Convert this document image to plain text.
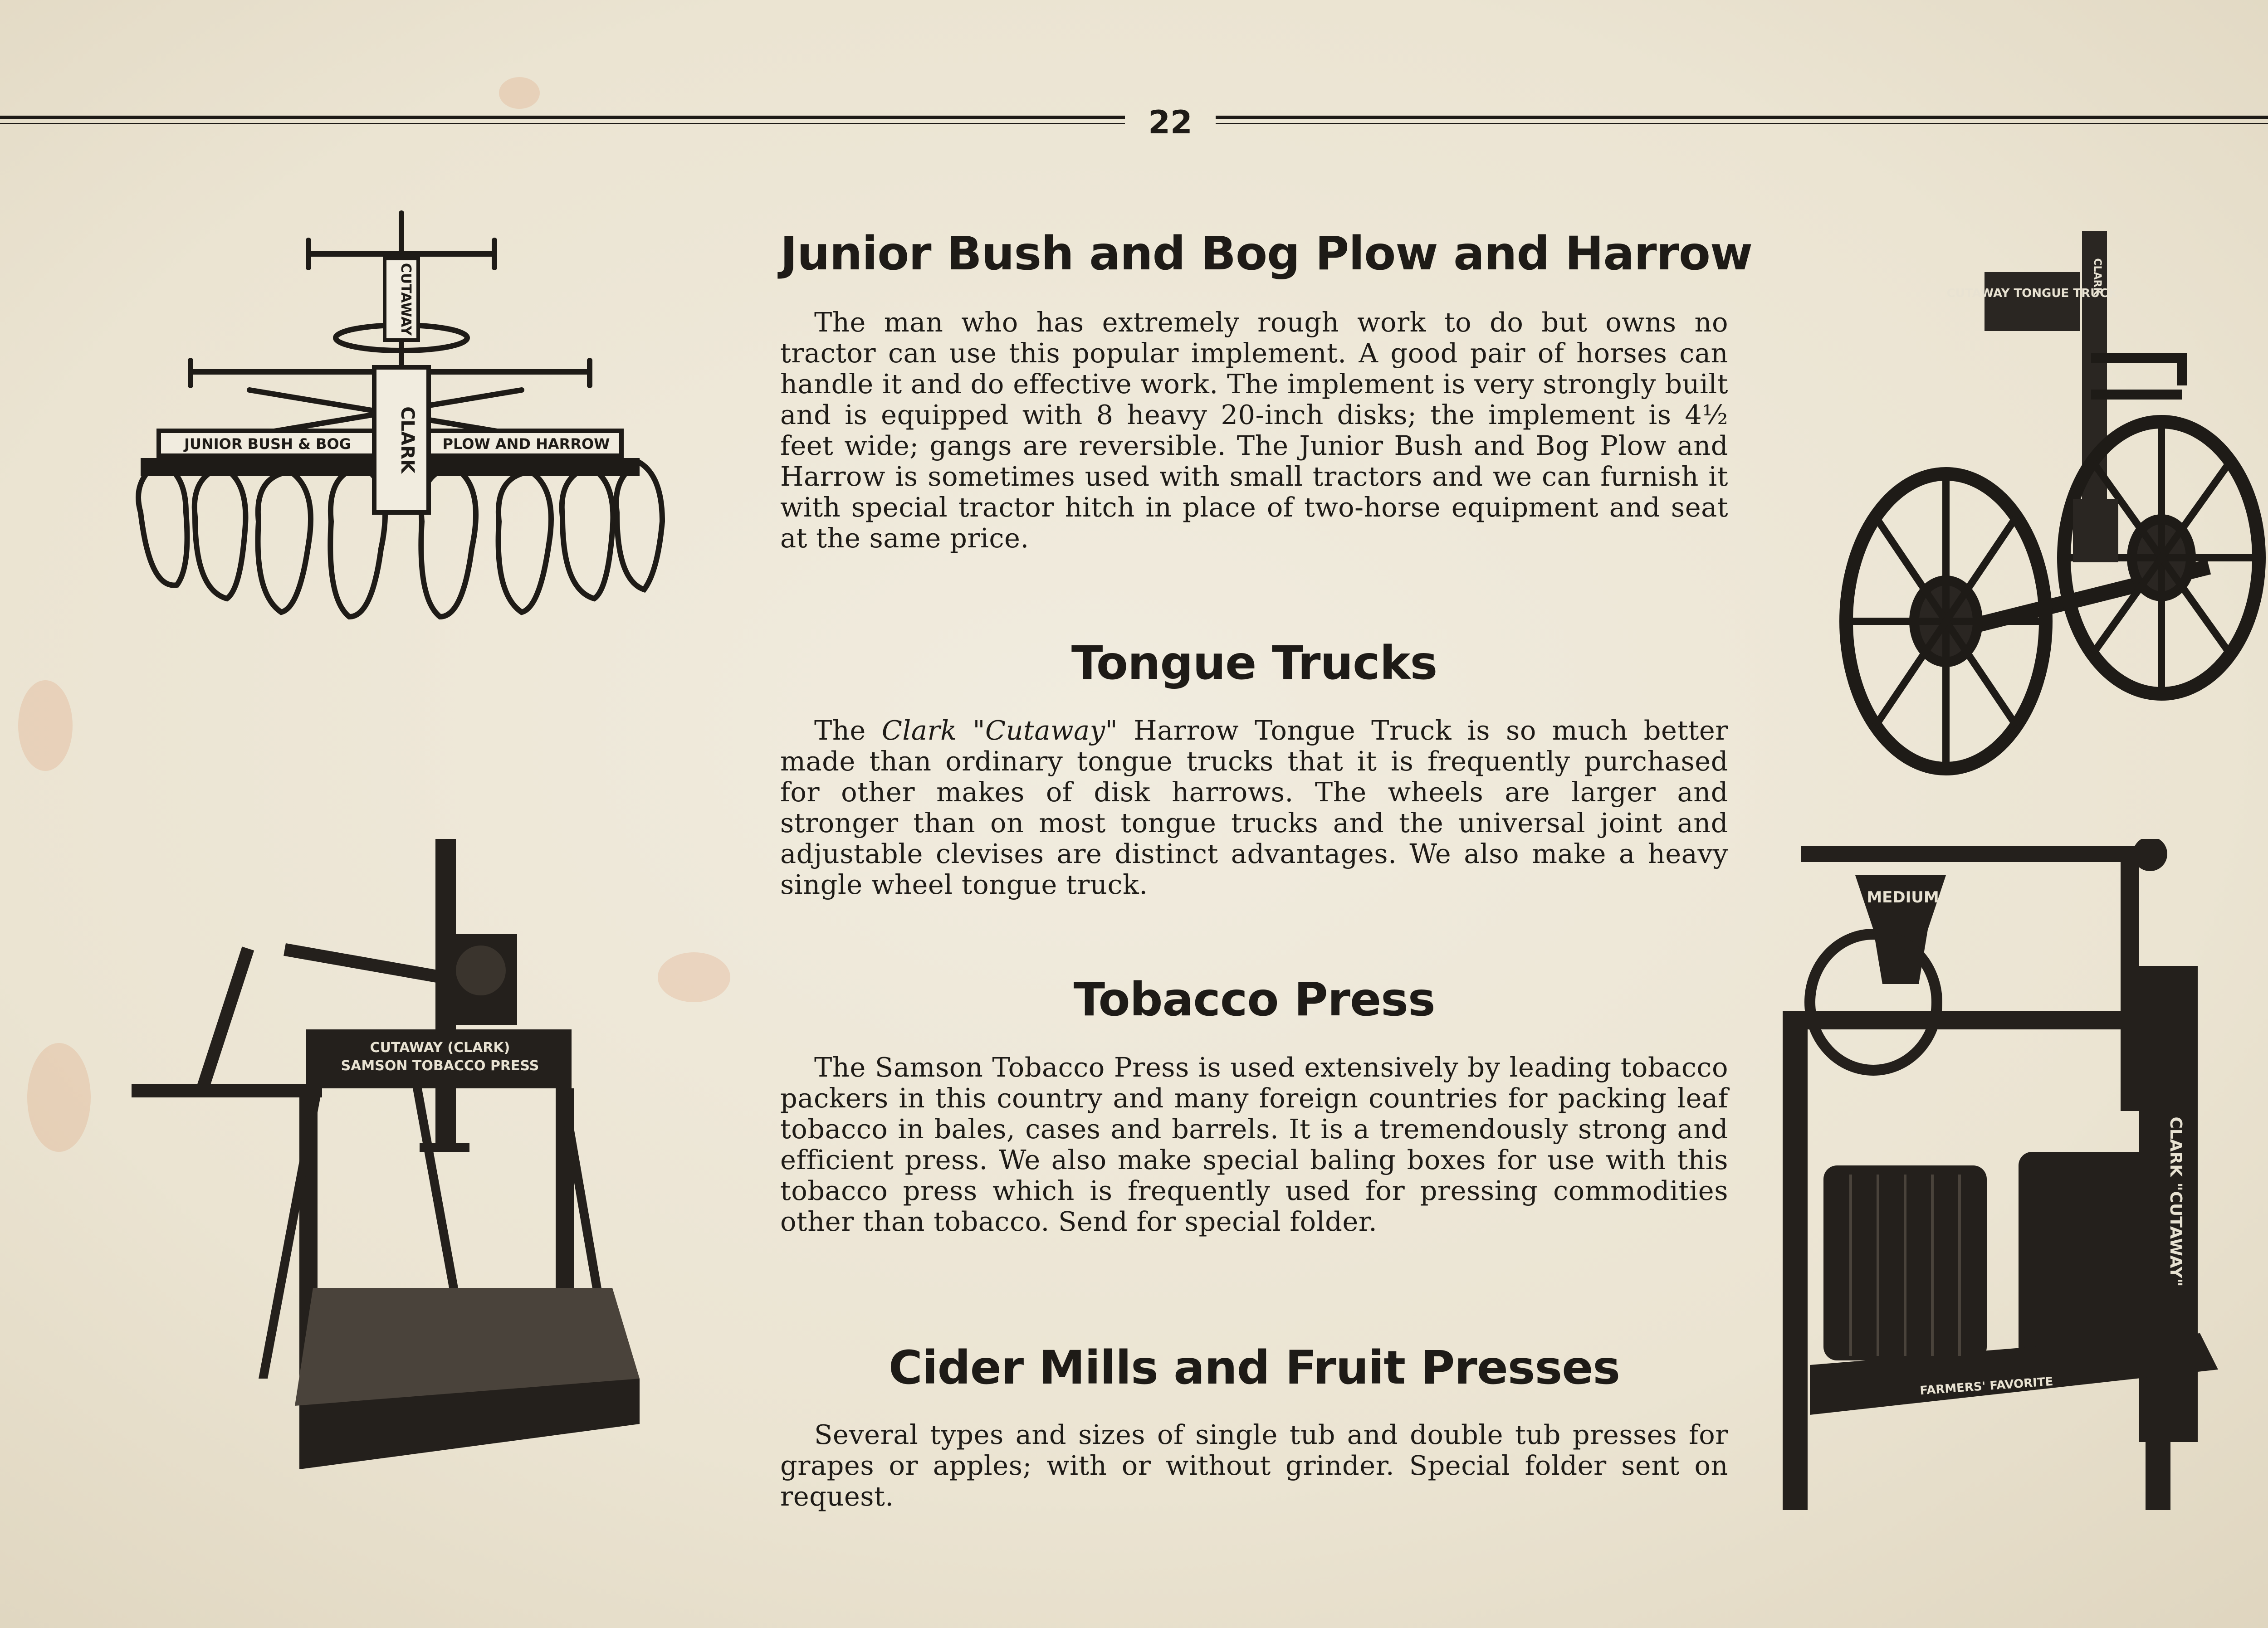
22
Junior Bush and Bog Plow and Harrow

The man who has extremely rough work to do but owns no tractor can use this popular implement. A good pair of horses can handle it and do effective work. The implement is very strongly built and is equipped with 8 heavy 20-inch disks; the implement is 4½ feet wide; gangs are reversible. The Junior Bush and Bog Plow and Harrow is sometimes used with small tractors and we can furnish it with special tractor hitch in place of two-horse equipment and seat at the same price.

Tongue Trucks

The Clark "Cutaway" Harrow Tongue Truck is so much better made than ordinary tongue trucks that it is frequently purchased for other makes of disk harrows. The wheels are larger and stronger than on most tongue trucks and the universal joint and adjustable clevises are distinct advantages. We also make a heavy single wheel tongue truck.

Tobacco Press

The Samson Tobacco Press is used extensively by leading tobacco packers in this country and many foreign countries for packing leaf tobacco in bales, cases and barrels. It is a tremendously strong and efficient press. We also make special baling boxes for use with this tobacco press which is frequently used for pressing commodities other than tobacco. Send for special folder.

Cider Mills and Fruit Presses

Several types and sizes of single tub and double tub presses for grapes or apples; with or without grinder. Special folder sent on request.

CUTAWAY
CLARK
JUNIOR BUSH & BOG	PLOW AND HARROW
CUTAWAY TONGUE TRUCK
CLARK
CUTAWAY (CLARK)
SAMSON TOBACCO PRESS
MEDIUM
CLARK "CUTAWAY"
FARMERS' FAVORITE
